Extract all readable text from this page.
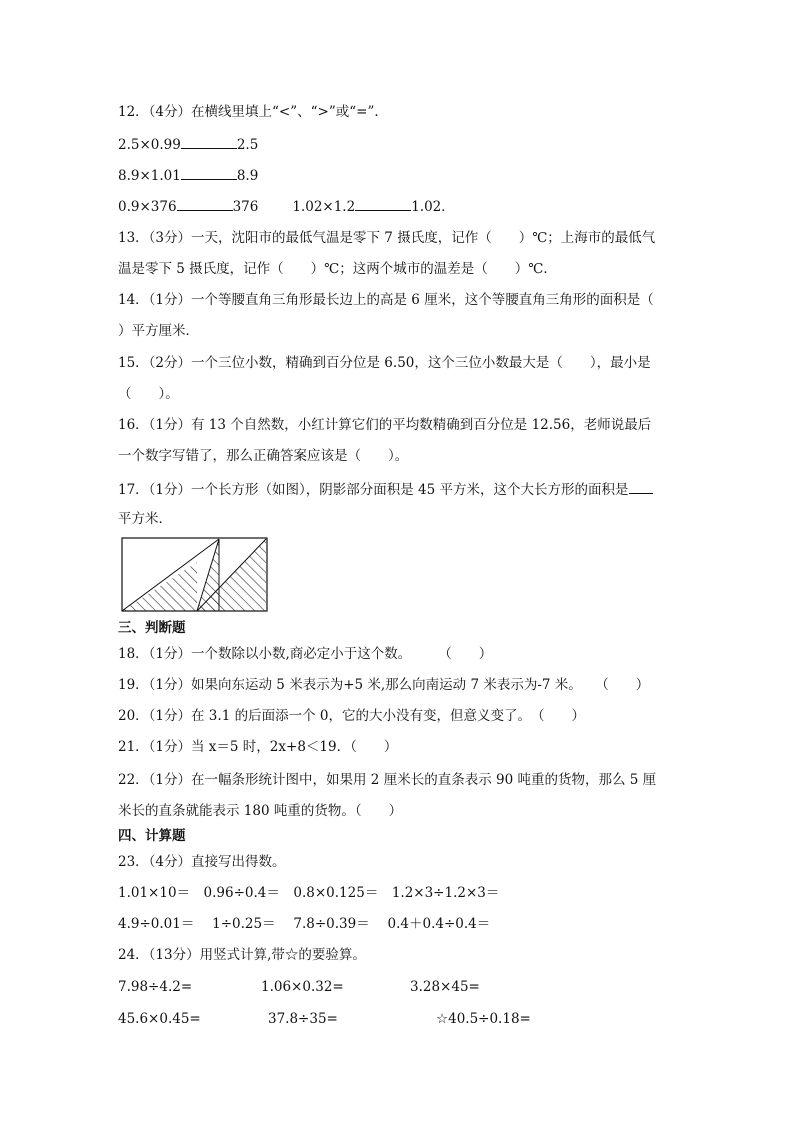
12．（4分）在横线里填上“<”、“>”或“=”．
2.5×0.99	2.5
8.9×1.01	8.9
0.9×376	376	1.02×1.2	1.02．
13．（3分）一天，沈阳市的最低气温是零下 7 摄氏度，记作（　　）℃；上海市的最低气
温是零下 5 摄氏度，记作（　　）℃；这两个城市的温差是（　　）℃．
14．（1分）一个等腰直角三角形最长边上的高是 6 厘米，这个等腰直角三角形的面积是（
）平方厘米．
15．（2分）一个三位小数，精确到百分位是 6.50，这个三位小数最大是（　　），最小是
（　　）。
16．（1分）有 13 个自然数，小红计算它们的平均数精确到百分位是 12.56，老师说最后
一个数字写错了，那么正确答案应该是（　　）。
17．（1分）一个长方形（如图），阴影部分面积是 45 平方米，这个大长方形的面积是
平方米．
三、判断题
18．（1分）一个数除以小数,商必定小于这个数。　　　（　　）
19．（1分）如果向东运动 5 米表示为+5 米,那么向南运动 7 米表示为-7 米。　　（　　）
20．（1分）在 3.1 的后面添一个 0，它的大小没有变，但意义变了。　（　　）
21．（1分）当 x＝5 时，2x+8＜19．（　　）
22．（1分）在一幅条形统计图中，如果用 2 厘米长的直条表示 90 吨重的货物，那么 5 厘
米长的直条就能表示 180 吨重的货物。（　　）
四、计算题
23．（4分）直接写出得数。
1.01×10＝　0.96÷0.4＝　0.8×0.125＝　1.2×3÷1.2×3＝
4.9÷0.01＝　 1÷0.25＝　 7.8÷0.39＝　 0.4＋0.4÷0.4＝
24．（13分）用竖式计算,带☆的要验算。
7.98÷4.2=	1.06×0.32=	3.28×45=
45.6×0.45=	37.8÷35=	☆40.5÷0.18=
